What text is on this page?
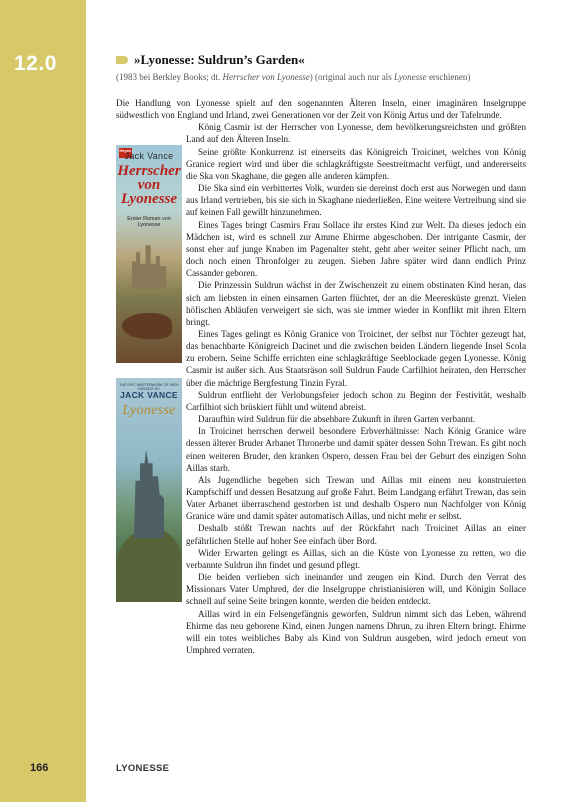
12.0	»Lyonesse: Suldrun’s Garden«
(1983 bei Berkley Books; dt. Herrscher von Lyonesse) (original auch nur als Lyonesse erschienen)

Die Handlung von Lyonesse spielt auf den sogenannten Älteren Inseln, einer imaginären Inselgruppe südwestlich von England und Irland, zwei Generationen vor der Zeit von König Artus und der Tafelrunde.

König Casmir ist der Herrscher von Lyonesse, dem bevölkerungsreichsten und größten Land auf den Älteren Inseln.

Seine größte Konkurrenz ist einerseits das Königreich Troicinet, welches von König Granice regiert wird und über die schlagkräftigste Seestreitmacht verfügt, und andererseits die Ska von Skaghane, die gegen alle anderen kämpfen.

Die Ska sind ein verbittertes Volk, wurden sie dereinst doch erst aus Norwegen und dann aus Irland vertrieben, bis sie sich in Skaghane niederließen. Eine weitere Vertreibung sind sie auf keinen Fall gewillt hinzunehmen.

Eines Tages bringt Casmirs Frau Sollace ihr erstes Kind zur Welt. Da dieses jedoch ein Mädchen ist, wird es schnell zur Amme Ehirme abgeschoben. Der intrigante Casmir, der sonst eher auf junge Knaben im Pagenalter steht, geht aber weiter seiner Pflicht nach, um doch noch einen Thronfolger zu zeugen. Sieben Jahre später wird dann endlich Prinz Cassander geboren.

Die Prinzessin Suldrun wächst in der Zwischenzeit zu einem obstinaten Kind heran, das sich am liebsten in einen einsamen Garten flüchtet, der an die Meeresküste grenzt. Vielen höfischen Abläufen verweigert sie sich, was sie immer wieder in Konflikt mit ihren Eltern bringt.

Eines Tages gelingt es König Granice von Troicinet, der selbst nur Töchter gezeugt hat, das benachbarte Königreich Dacinet und die zwischen beiden Ländern liegende Insel Scola zu erobern. Seine Schiffe errichten eine schlagkräftige Seeblockade gegen Lyonesse. König Casmir ist außer sich. Aus Staatsräson soll Suldrun Faude Carfilhiot heiraten, den Herrscher über die mächtige Bergfestung Tinzin Fyral.

Suldrun entflieht der Verlobungsfeier jedoch schon zu Beginn der Festivität, weshalb Carfilhiot sich brüskiert fühlt und wütend abreist.

Daraufhin wird Suldrun für die absehbare Zukunft in ihren Garten verbannt.

In Troicinet herrschen derweil besondere Erbverhältnisse: Nach König Granice wäre dessen älterer Bruder Arbanet Thronerbe und damit später dessen Sohn Trewan. Es gibt noch einen weiteren Bruder, den kranken Ospero, dessen Frau bei der Geburt des einzigen Sohn Aillas starb.

Als Jugendliche begeben sich Trewan und Aillas mit einem neu konstruierten Kampfschiff und dessen Besatzung auf große Fahrt. Beim Landgang erfährt Trewan, das sein Vater Arbanet überraschend gestorben ist und deshalb Ospero nun Nachfolger von König Granice wäre und damit später automatisch Aillas, und nicht mehr er selbst.

Deshalb stößt Trewan nachts auf der Rückfahrt nach Troicinet Aillas an einer gefährlichen Stelle auf hoher See einfach über Bord.

Wider Erwarten gelingt es Aillas, sich an die Küste von Lyonesse zu retten, wo die verbannte Suldrun ihn findet und gesund pflegt.

Die beiden verlieben sich ineinander und zeugen ein Kind. Durch den Verrat des Missionars Vater Umphred, der die Inselgruppe christianisieren will, und Königin Sollace schnell auf seine Seite bringen konnte, werden die beiden entdeckt.

Aillas wird in ein Felsengefängnis geworfen, Suldrun nimmt sich das Leben, während Ehirme das neu geborene Kind, einen Jungen namens Dhrun, zu ihren Eltern bringt. Ehirme will ein totes weibliches Baby als Kind von Suldrun ausgeben, wird jedoch erneut von Umphred verraten.

Heyne
Jack Vance
Herrscher
von
Lyonesse
Erster Roman von
Lyonesse
THE EPIC MASTERWORK OF HIGH FANTASY BY
JACK VANCE
Lyonesse
166	LYONESSE
